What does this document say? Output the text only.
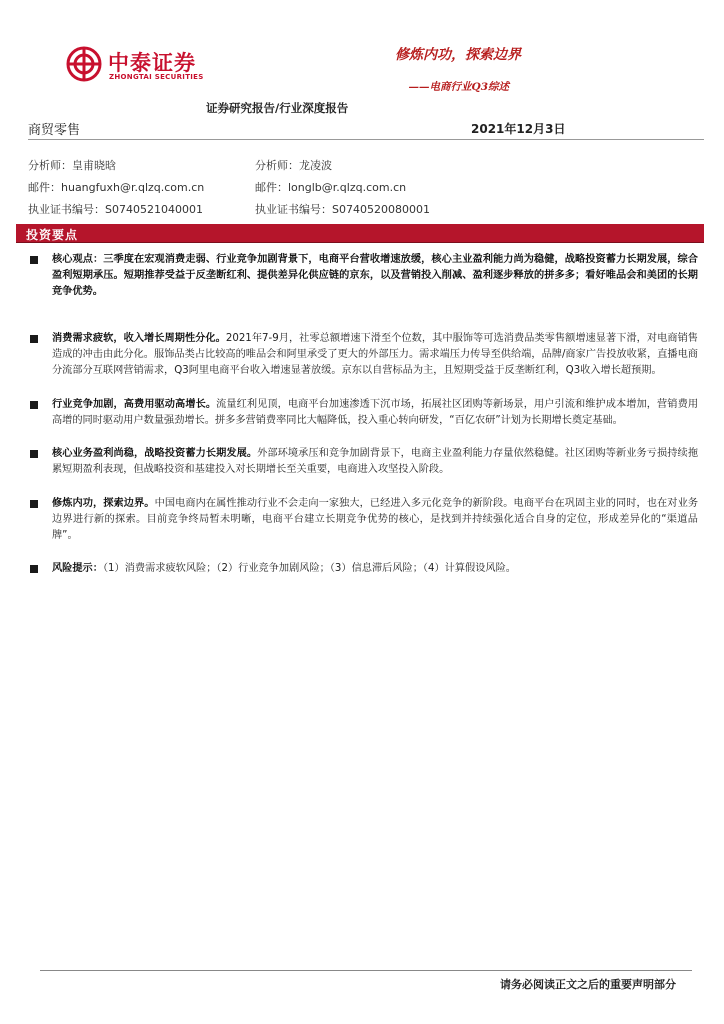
中泰证券
ZHONGTAI SECURITIES
修炼内功，探索边界
——电商行业Q3综述
证券研究报告/行业深度报告
商贸零售	2021年12月3日
分析师：皇甫晓晗	分析师：龙凌波
邮件：huangfuxh@r.qlzq.com.cn	邮件：longlb@r.qlzq.com.cn
执业证书编号：S0740521040001	执业证书编号：S0740520080001
投资要点
核心观点：三季度在宏观消费走弱、行业竞争加剧背景下，电商平台营收增速放缓，核心主业盈利能力尚为稳健，战略投资蓄力长期发展，综合盈利短期承压。短期推荐受益于反垄断红利、提供差异化供应链的京东，以及营销投入削减、盈利逐步释放的拼多多；看好唯品会和美团的长期竞争优势。
消费需求疲软，收入增长周期性分化。2021年7-9月，社零总额增速下滑至个位数，其中服饰等可选消费品类零售额增速显著下滑，对电商销售造成的冲击由此分化。服饰品类占比较高的唯品会和阿里承受了更大的外部压力。需求端压力传导至供给端，品牌/商家广告投放收紧，直播电商分流部分互联网营销需求，Q3阿里电商平台收入增速显著放缓。京东以自营标品为主，且短期受益于反垄断红利，Q3收入增长超预期。
行业竞争加剧，高费用驱动高增长。流量红利见顶，电商平台加速渗透下沉市场，拓展社区团购等新场景，用户引流和维护成本增加，营销费用高增的同时驱动用户数量强劲增长。拼多多营销费率同比大幅降低，投入重心转向研发，“百亿农研”计划为长期增长奠定基础。
核心业务盈利尚稳，战略投资蓄力长期发展。外部环境承压和竞争加剧背景下，电商主业盈利能力存量依然稳健。社区团购等新业务亏损持续拖累短期盈利表现，但战略投资和基建投入对长期增长至关重要，电商进入攻坚投入阶段。
修炼内功，探索边界。中国电商内在属性推动行业不会走向一家独大，已经进入多元化竞争的新阶段。电商平台在巩固主业的同时，也在对业务边界进行新的探索。目前竞争终局暂未明晰，电商平台建立长期竞争优势的核心，是找到并持续强化适合自身的定位，形成差异化的“渠道品牌”。
风险提示：（1）消费需求疲软风险；（2）行业竞争加剧风险；（3）信息滞后风险；（4）计算假设风险。
请务必阅读正文之后的重要声明部分
